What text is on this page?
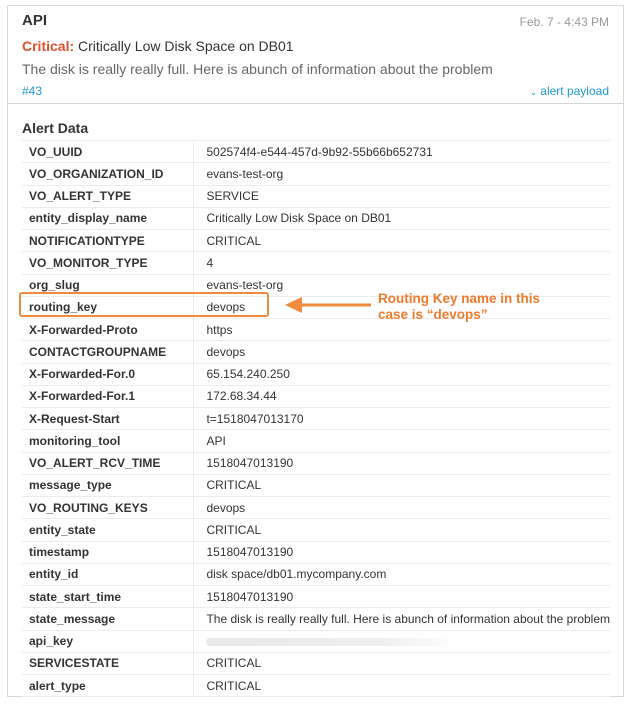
API	Feb. 7 - 4:43 PM
Critical: Critically Low Disk Space on DB01
The disk is really really full. Here is abunch of information about the problem
#43	⌄ alert payload
Alert Data
VO_UUID	502574f4-e544-457d-9b92-55b66b652731
VO_ORGANIZATION_ID	evans-test-org
VO_ALERT_TYPE	SERVICE
entity_display_name	Critically Low Disk Space on DB01
NOTIFICATIONTYPE	CRITICAL
VO_MONITOR_TYPE	4
org_slug	evans-test-org
routing_key	devops
X-Forwarded-Proto	https
CONTACTGROUPNAME	devops
X-Forwarded-For.0	65.154.240.250
X-Forwarded-For.1	172.68.34.44
X-Request-Start	t=1518047013170
monitoring_tool	API
VO_ALERT_RCV_TIME	1518047013190
message_type	CRITICAL
VO_ROUTING_KEYS	devops
entity_state	CRITICAL
timestamp	1518047013190
entity_id	disk space/db01.mycompany.com
state_start_time	1518047013190
state_message	The disk is really really full. Here is abunch of information about the problem
api_key	
SERVICESTATE	CRITICAL
alert_type	CRITICAL
Routing Key name in this
case is “devops”
